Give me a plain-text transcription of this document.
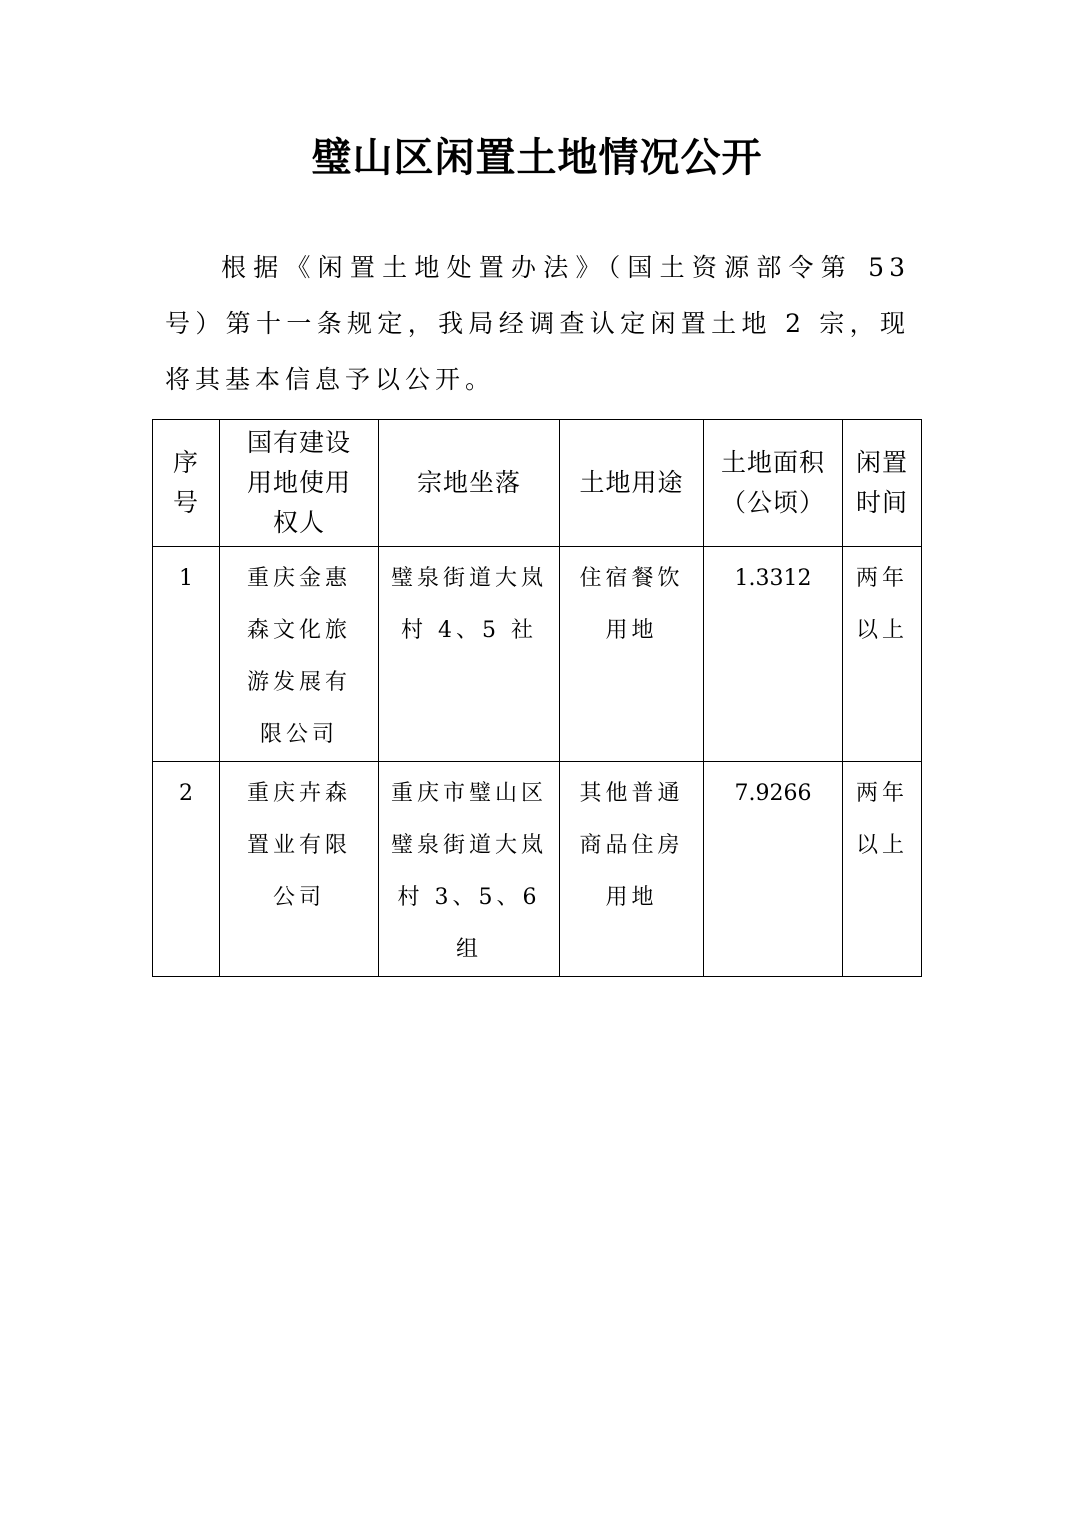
璧山区闲置土地情况公开

根据《闲置土地处置办法》（国土资源部令第 53 号）第十一条规定，我局经调查认定闲置土地 2 宗，现将其基本信息予以公开。

序号	国有建设用地使用权人	宗地坐落	土地用途	土地面积（公顷）	闲置时间

1	重庆金惠森文化旅游发展有限公司	璧泉街道大岚村 4、5 社	住宿餐饮用地	1.3312	两年以上

2	重庆卉森置业有限公司	重庆市璧山区璧泉街道大岚村 3、5、6 组	其他普通商品住房用地	7.9266	两年以上
